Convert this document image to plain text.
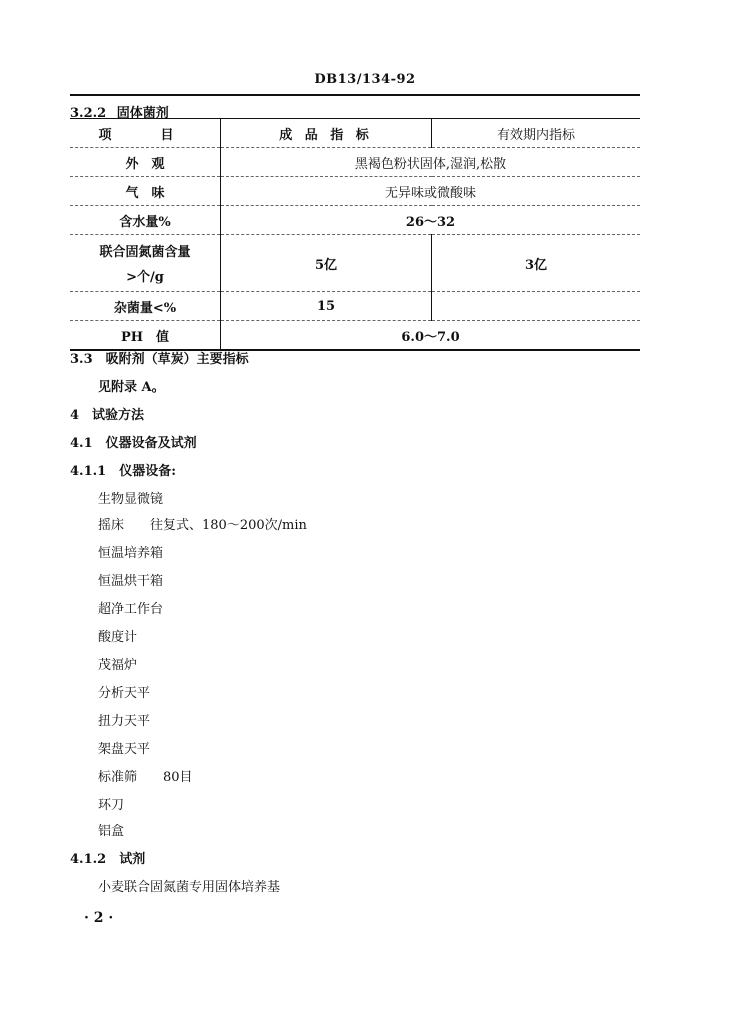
DB13/134-92
3.2.2 固体菌剂
项　目	成 品 指 标	有效期内指标
外　观	黑褐色粉状固体,湿润,松散	
气　味	无异味或微酸味	
含水量%	26～32	

联合固氮菌含量
>个/g	5亿	3亿
杂菌量<%	15	
PH　值	6.0～7.0	
3.3　吸附剂（草炭）主要指标
见附录 A。
4　试验方法
4.1　仪器设备及试剂
4.1.1　仪器设备:
生物显微镜
摇床　　往复式、180～200次/min
恒温培养箱
恒温烘干箱
超净工作台
酸度计
茂福炉
分析天平
扭力天平
架盘天平
标准筛　　80目
环刀
铝盒
4.1.2　试剂
小麦联合固氮菌专用固体培养基
· 2 ·
